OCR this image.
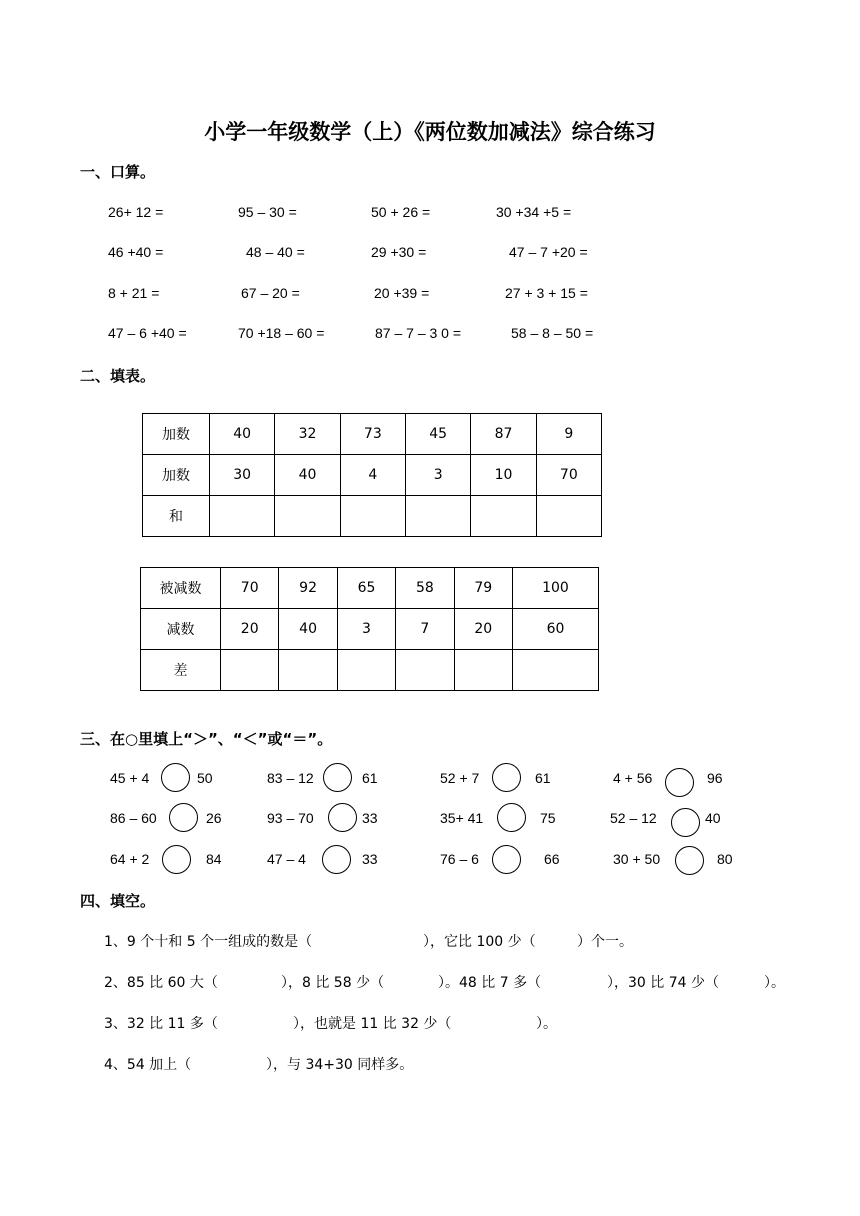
小学一年级数学（上）《两位数加减法》综合练习
一、口算。
26+ 12 =	95 – 30 =	50 + 26 =	30 +34 +5 =
46 +40 =	48 – 40 =	29 +30 =	47 – 7 +20 =
8 + 21 =	67 – 20 =	20 +39 =	27 + 3 + 15 =
47 – 6 +40 =	70 +18 – 60 =	87 – 7 – 3 0 =	58 – 8 – 50 =
二、填表。
加数	40	32	73	45	87	9
加数	30	40	4	3	10	70
和						
被减数	70	92	65	58	79	100
减数	20	40	3	7	20	60
差						
三、在○里填上“＞”、“＜”或“＝”。
45 + 4	50	83 – 12	61	52 + 7	61	4 + 56	96
86 – 60	26	93 – 70	33	35+ 41	75	52 – 12	40
64 + 2	84	47 – 4	33	76 – 6	66	30 + 50	80
四、填空。
1、9 个十和 5 个一组成的数是（	），它比 100 少（	）个一。
2、85 比 60 大（	），8 比 58 少（	）。48 比 7 多（	），30 比 74 少（	）。
3、32 比 11 多（	），也就是 11 比 32 少（	）。
4、54 加上（	），与 34+30 同样多。
